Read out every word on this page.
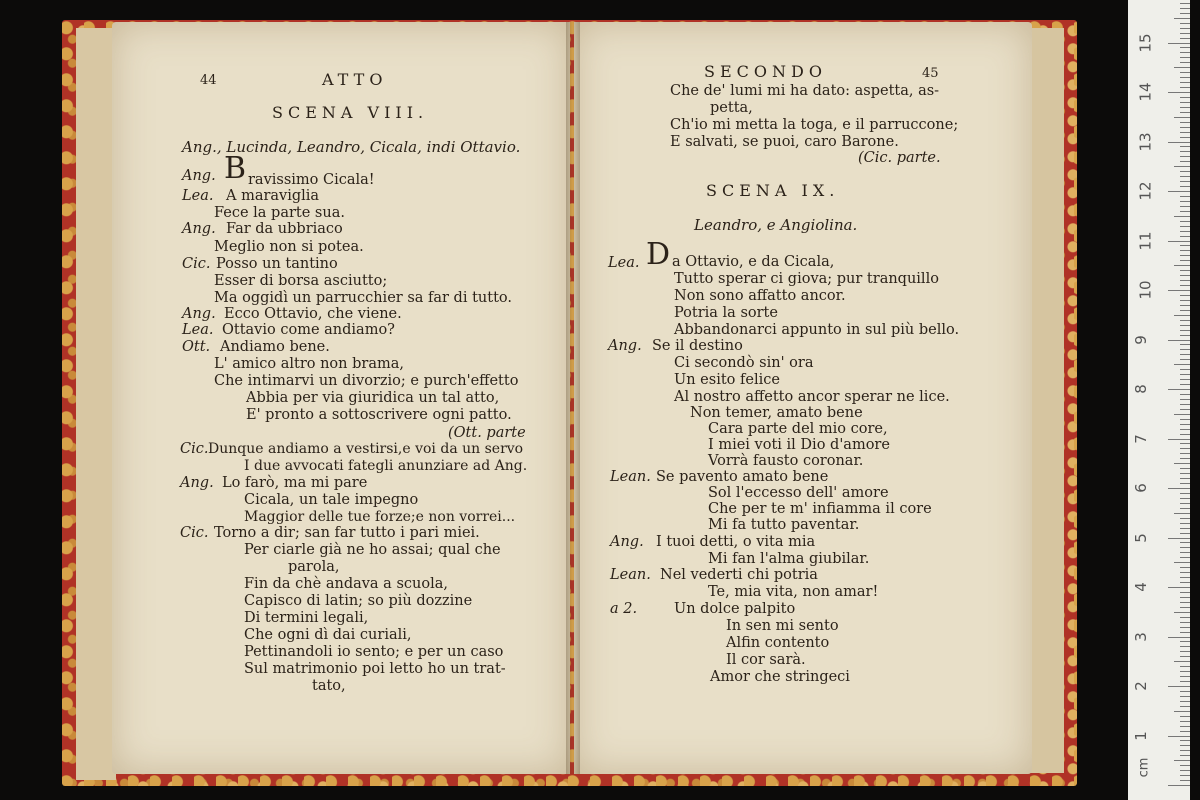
44	ATTO
SCENA VIII.
Ang., Lucinda, Leandro, Cicala, indi Ottavio.
Ang. B ravissimo Cicala!
Lea. A maraviglia
Fece la parte sua.
Ang. Far da ubbriaco
Meglio non si potea.
Cic. Posso un tantino
Esser di borsa asciutto;
Ma oggidì un parrucchier sa far di tutto.
Ang. Ecco Ottavio, che viene.
Lea. Ottavio come andiamo?
Ott. Andiamo bene.
L' amico altro non brama,
Che intimarvi un divorzio; e purch'effetto
Abbia per via giuridica un tal atto,
E' pronto a sottoscrivere ogni patto.
(Ott. parte
Cic. Dunque andiamo a vestirsi,e voi da un servo
I due avvocati fategli anunziare ad Ang.
Ang. Lo farò, ma mi pare
Cicala, un tale impegno
Maggior delle tue forze;e non vorrei...
Cic. Torno a dir; san far tutto i pari miei.
Per ciarle già ne ho assai; qual che
parola,
Fin da chè andava a scuola,
Capisco di latin; so più dozzine
Di termini legali,
Che ogni dì dai curiali,
Pettinandoli io sento; e per un caso
Sul matrimonio poi letto ho un trat-
tato,
SECONDO	45
Che de' lumi mi ha dato: aspetta, as-
petta,
Ch'io mi metta la toga, e il parruccone;
E salvati, se puoi, caro Barone.
(Cic. parte.
SCENA IX.
Leandro, e Angiolina.
Lea. D a Ottavio, e da Cicala,
Tutto sperar ci giova; pur tranquillo
Non sono affatto ancor.
Potria la sorte
Abbandonarci appunto in sul più bello.
Ang. Se il destino
Ci secondò sin' ora
Un esito felice
Al nostro affetto ancor sperar ne lice.
Non temer, amato bene
Cara parte del mio core,
I miei voti il Dio d'amore
Vorrà fausto coronar.
Lean. Se pavento amato bene
Sol l'eccesso dell' amore
Che per te m' infiamma il core
Mi fa tutto paventar.
Ang. I tuoi detti, o vita mia
Mi fan l'alma giubilar.
Lean. Nel vederti chi potria
Te, mia vita, non amar!
a 2.	Un dolce palpito
In sen mi sento
Alfin contento
Il cor sarà.
Amor che stringeci
cm
1
2
3
4
5
6
7
8
9
10
11
12
13
14
15
